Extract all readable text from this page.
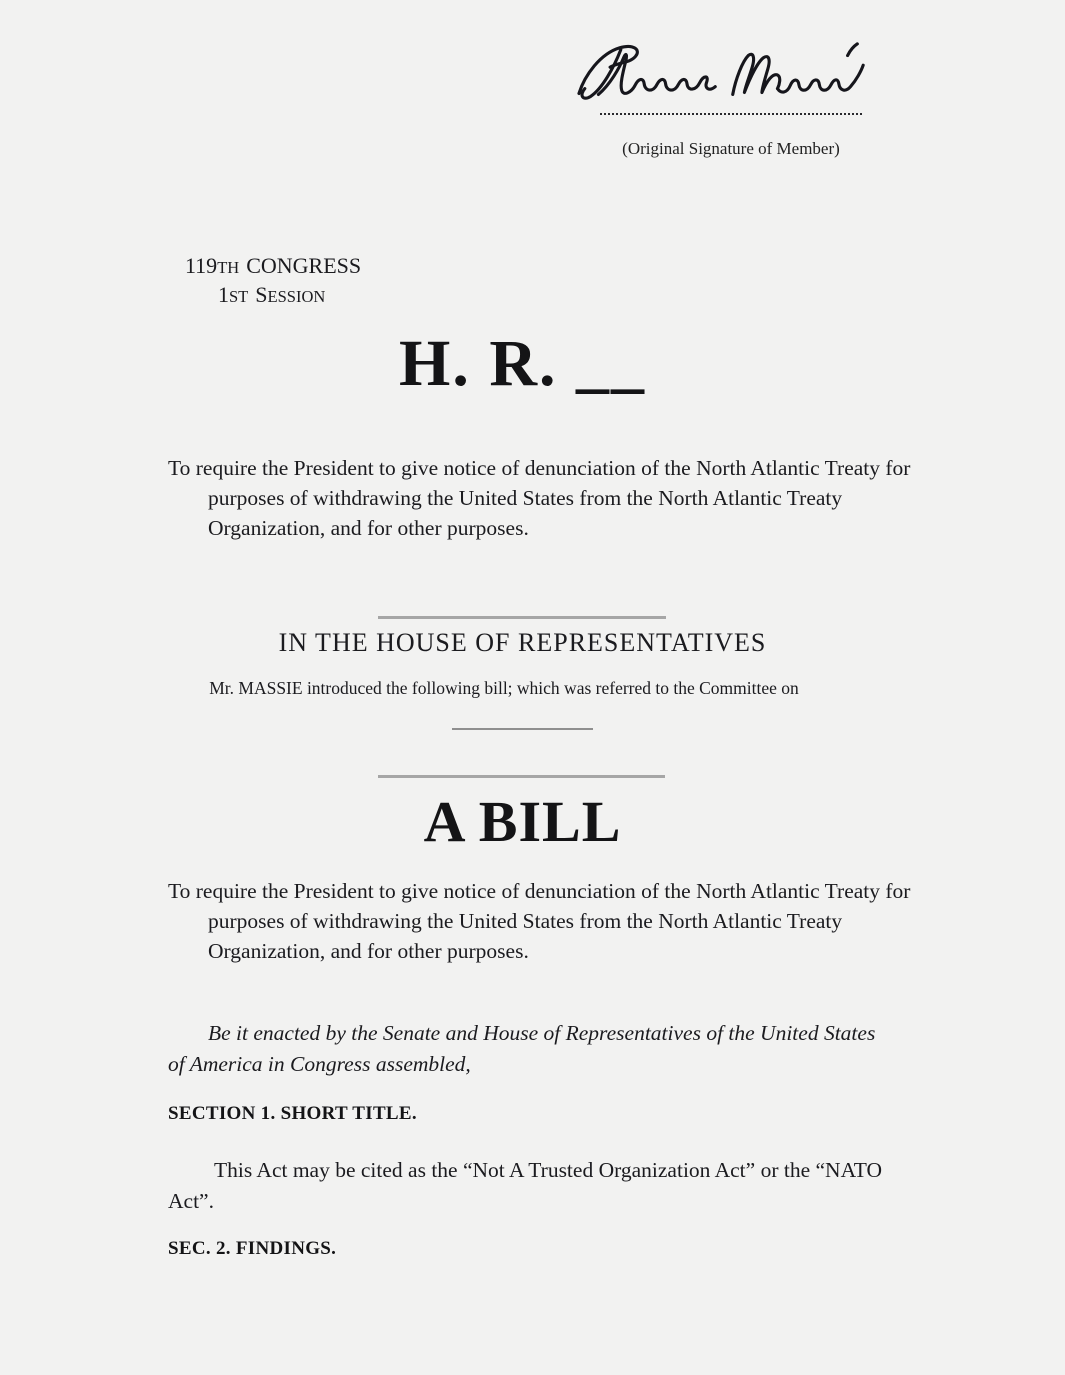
(Original Signature of Member)
119TH CONGRESS
1ST SESSION
H. R. __
To require the President to give notice of denunciation of the North Atlantic Treaty for purposes of withdrawing the United States from the North Atlantic Treaty Organization, and for other purposes.
IN THE HOUSE OF REPRESENTATIVES
Mr. MASSIE introduced the following bill; which was referred to the Committee on
A BILL
To require the President to give notice of denunciation of the North Atlantic Treaty for purposes of withdrawing the United States from the North Atlantic Treaty Organization, and for other purposes.
Be it enacted by the Senate and House of Representatives of the United States of America in Congress assembled,
SECTION 1. SHORT TITLE.
This Act may be cited as the “Not A Trusted Organization Act” or the “NATO Act”.
SEC. 2. FINDINGS.
